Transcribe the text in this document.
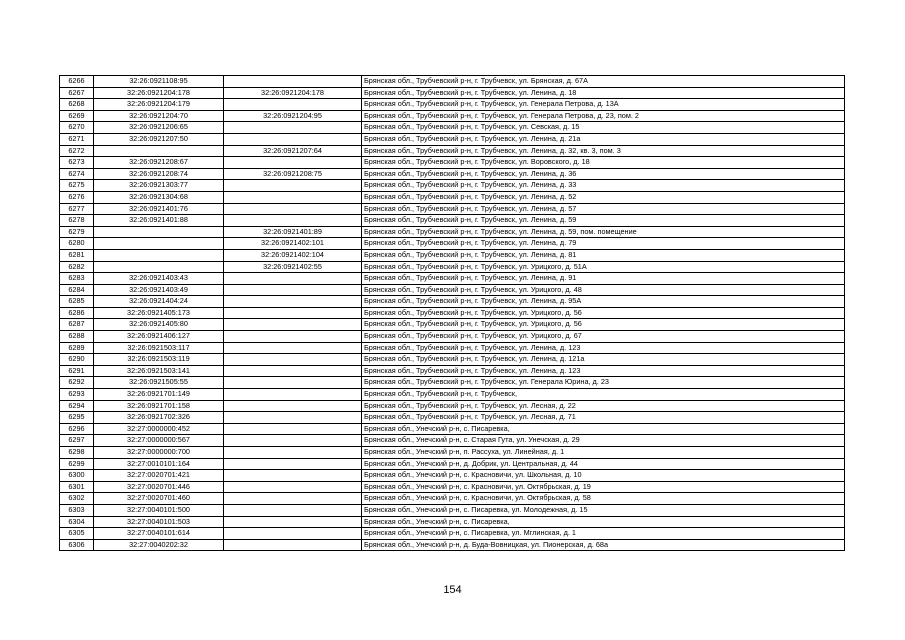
6266	32:26:0921108:95		Брянская обл., Трубчевский р-н, г. Трубчевск, ул. Брянская, д. 67А
6267	32:26:0921204:178	32:26:0921204:178	Брянская обл., Трубчевский р-н, г. Трубчевск, ул. Ленина, д. 18
6268	32:26:0921204:179		Брянская обл., Трубчевский р-н, г. Трубчевск, ул. Генерала Петрова, д. 13А
6269	32:26:0921204:70	32:26:0921204:95	Брянская обл., Трубчевский р-н, г. Трубчевск, ул. Генерала Петрова, д. 23, пом. 2
6270	32:26:0921206:65		Брянская обл., Трубчевский р-н, г. Трубчевск, ул. Севская, д. 15
6271	32:26:0921207:50		Брянская обл., Трубчевский р-н, г. Трубчевск, ул. Ленина, д. 21а
6272		32:26:0921207:64	Брянская обл., Трубчевский р-н, г. Трубчевск, ул. Ленина, д. 32, кв. 3, пом. 3
6273	32:26:0921208:67		Брянская обл., Трубчевский р-н, г. Трубчевск, ул. Воровского, д. 18
6274	32:26:0921208:74	32:26:0921208:75	Брянская обл., Трубчевский р-н, г. Трубчевск, ул. Ленина, д. 36
6275	32:26:0921303:77		Брянская обл., Трубчевский р-н, г. Трубчевск, ул. Ленина, д. 33
6276	32:26:0921304:68		Брянская обл., Трубчевский р-н, г. Трубчевск, ул. Ленина, д. 52
6277	32:26:0921401:76		Брянская обл., Трубчевский р-н, г. Трубчевск, ул. Ленина, д. 57
6278	32:26:0921401:88		Брянская обл., Трубчевский р-н, г. Трубчевск, ул. Ленина, д. 59
6279		32:26:0921401:89	Брянская обл., Трубчевский р-н, г. Трубчевск, ул. Ленина, д. 59, пом. помещение
6280		32:26:0921402:101	Брянская обл., Трубчевский р-н, г. Трубчевск, ул. Ленина, д. 79
6281		32:26:0921402:104	Брянская обл., Трубчевский р-н, г. Трубчевск, ул. Ленина, д. 81
6282		32:26:0921402:55	Брянская обл., Трубчевский р-н, г. Трубчевск, ул. Урицкого, д. 51А
6283	32:26:0921403:43		Брянская обл., Трубчевский р-н, г. Трубчевск, ул. Ленина, д. 91
6284	32:26:0921403:49		Брянская обл., Трубчевский р-н, г. Трубчевск, ул. Урицкого, д. 48
6285	32:26:0921404:24		Брянская обл., Трубчевский р-н, г. Трубчевск, ул. Ленина, д. 95А
6286	32:26:0921405:173		Брянская обл., Трубчевский р-н, г. Трубчевск, ул. Урицкого, д. 56
6287	32:26:0921405:80		Брянская обл., Трубчевский р-н, г. Трубчевск, ул. Урицкого, д. 56
6288	32:26:0921406:127		Брянская обл., Трубчевский р-н, г. Трубчевск, ул. Урицкого, д. 67
6289	32:26:0921503:117		Брянская обл., Трубчевский р-н, г. Трубчевск, ул. Ленина, д. 123
6290	32:26:0921503:119		Брянская обл., Трубчевский р-н, г. Трубчевск, ул. Ленина, д. 121а
6291	32:26:0921503:141		Брянская обл., Трубчевский р-н, г. Трубчевск, ул. Ленина, д. 123
6292	32:26:0921505:55		Брянская обл., Трубчевский р-н, г. Трубчевск, ул. Генерала Юрина, д. 23
6293	32:26:0921701:149		Брянская обл., Трубчевский р-н, г. Трубчевск,
6294	32:26:0921701:158		Брянская обл., Трубчевский р-н, г. Трубчевск, ул. Лесная, д. 22
6295	32:26:0921702:326		Брянская обл., Трубчевский р-н, г. Трубчевск, ул. Лесная, д. 71
6296	32:27:0000000:452		Брянская обл., Унечский р-н, с. Писаревка,
6297	32:27:0000000:567		Брянская обл., Унечский р-н, с. Старая Гута, ул. Унечская, д. 29
6298	32:27:0000000:700		Брянская обл., Унечский р-н, п. Рассуха, ул. Линейная, д. 1
6299	32:27:0010101:164		Брянская обл., Унечский р-н, д. Добрик, ул. Центральная, д. 44
6300	32:27:0020701:421		Брянская обл., Унечский р-н, с. Красновичи, ул. Школьная, д. 10
6301	32:27:0020701:446		Брянская обл., Унечский р-н, с. Красновичи, ул. Октябрьская, д. 19
6302	32:27:0020701:460		Брянская обл., Унечский р-н, с. Красновичи, ул. Октябрьская, д. 58
6303	32:27:0040101:500		Брянская обл., Унечский р-н, с. Писаревка, ул. Молодежная, д. 15
6304	32:27:0040101:503		Брянская обл., Унечский р-н, с. Писаревка,
6305	32:27:0040101:614		Брянская обл., Унечский р-н, с. Писаревка, ул. Мглинская, д. 1
6306	32:27:0040202:32		Брянская обл., Унечский р-н, д. Буда-Вовницкая, ул. Пионерская, д. 68а
154
